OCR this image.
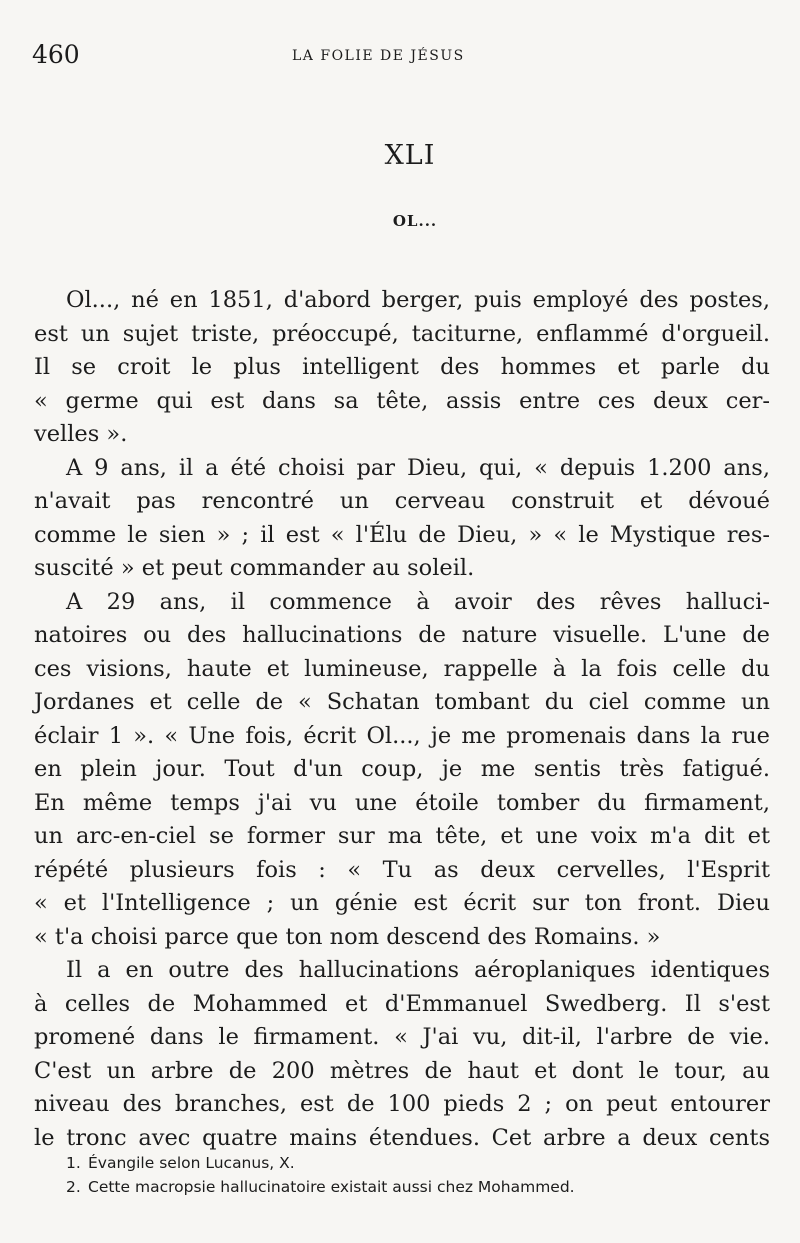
460	LA FOLIE DE JÉSUS
XLI
OL...
Ol..., né en 1851, d'abord berger, puis employé des postes,
est un sujet triste, préoccupé, taciturne, enflammé d'orgueil.
Il se croit le plus intelligent des hommes et parle du
« germe qui est dans sa tête, assis entre ces deux cer-
velles ».
A 9 ans, il a été choisi par Dieu, qui, « depuis 1.200 ans,
n'avait pas rencontré un cerveau construit et dévoué
comme le sien » ; il est « l'Élu de Dieu, » « le Mystique res-
suscité » et peut commander au soleil.
A 29 ans, il commence à avoir des rêves halluci-
natoires ou des hallucinations de nature visuelle. L'une de
ces visions, haute et lumineuse, rappelle à la fois celle du
Jordanes et celle de « Schatan tombant du ciel comme un
éclair 1 ». « Une fois, écrit Ol..., je me promenais dans la rue
en plein jour. Tout d'un coup, je me sentis très fatigué.
En même temps j'ai vu une étoile tomber du firmament,
un arc-en-ciel se former sur ma tête, et une voix m'a dit et
répété plusieurs fois : « Tu as deux cervelles, l'Esprit
« et l'Intelligence ; un génie est écrit sur ton front. Dieu
« t'a choisi parce que ton nom descend des Romains. »
Il a en outre des hallucinations aéroplaniques identiques
à celles de Mohammed et d'Emmanuel Swedberg. Il s'est
promené dans le firmament. « J'ai vu, dit-il, l'arbre de vie.
C'est un arbre de 200 mètres de haut et dont le tour, au
niveau des branches, est de 100 pieds 2 ; on peut entourer
le tronc avec quatre mains étendues. Cet arbre a deux cents
1. Évangile selon Lucanus, X.
2. Cette macropsie hallucinatoire existait aussi chez Mohammed.
